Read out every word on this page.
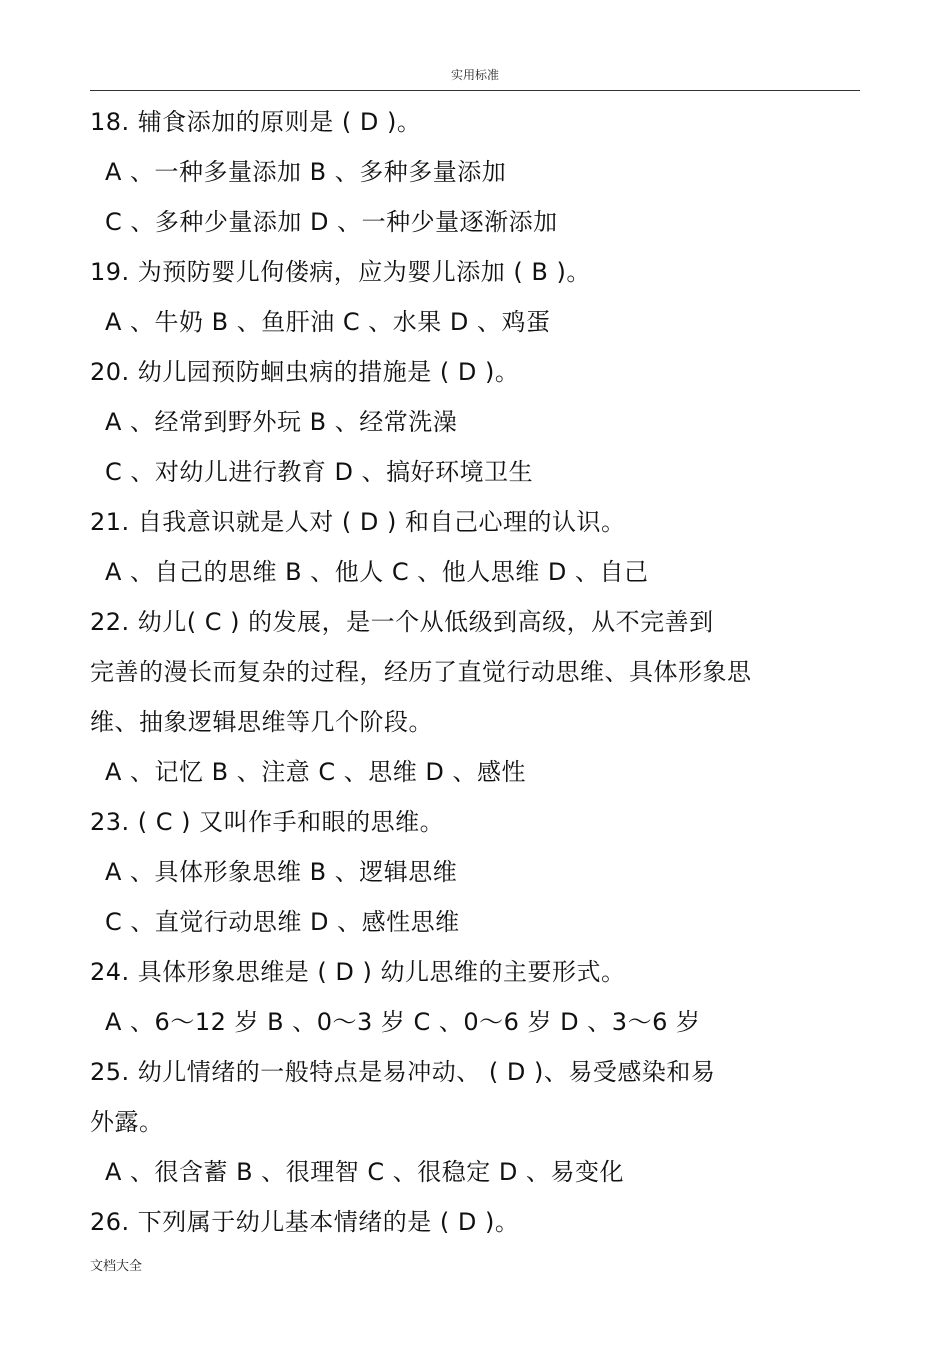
实用标准
18. 辅食添加的原则是 ( D )。
A 、一种多量添加 B 、多种多量添加
C 、多种少量添加 D 、一种少量逐渐添加
19. 为预防婴儿佝偻病，应为婴儿添加 ( B )。
A 、牛奶 B 、鱼肝油 C 、水果 D 、鸡蛋
20. 幼儿园预防蛔虫病的措施是 ( D )。
A 、经常到野外玩 B 、经常洗澡
C 、对幼儿进行教育 D 、搞好环境卫生
21. 自我意识就是人对 ( D ) 和自己心理的认识。
A 、自己的思维 B 、他人 C 、他人思维 D 、自己
22. 幼儿( C ) 的发展，是一个从低级到高级，从不完善到
完善的漫长而复杂的过程，经历了直觉行动思维、具体形象思
维、抽象逻辑思维等几个阶段。
A 、记忆 B 、注意 C 、思维 D 、感性
23. ( C ) 又叫作手和眼的思维。
A 、具体形象思维 B 、逻辑思维
C 、直觉行动思维 D 、感性思维
24. 具体形象思维是 ( D ) 幼儿思维的主要形式。
A 、6～12 岁 B 、0～3 岁 C 、0～6 岁 D 、3～6 岁
25. 幼儿情绪的一般特点是易冲动、 ( D )、易受感染和易
外露。
A 、很含蓄 B 、很理智 C 、很稳定 D 、易变化
26. 下列属于幼儿基本情绪的是 ( D )。
文档大全
